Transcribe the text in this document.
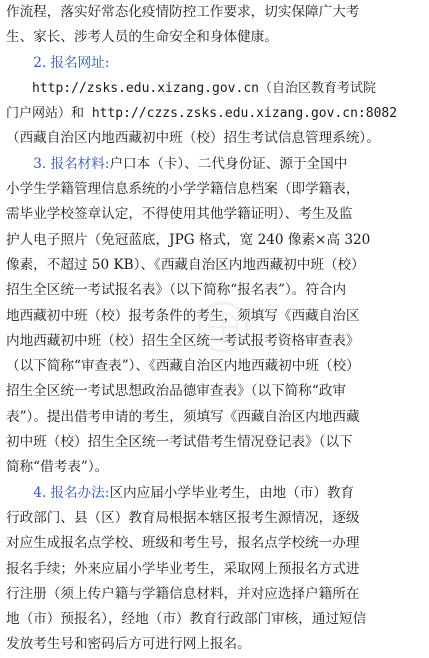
作流程，落实好常态化疫情防控工作要求，切实保障广大考
生、家长、涉考人员的生命安全和身体健康。
2. 报名网址:
http://zsks.edu.xizang.gov.cn（自治区教育考试院
门户网站）和 http://czzs.zsks.edu.xizang.gov.cn:8082
（西藏自治区内地西藏初中班（校）招生考试信息管理系统）。
3. 报名材料:户口本（卡）、二代身份证、源于全国中
小学生学籍管理信息系统的小学学籍信息档案（即学籍表，
需毕业学校签章认定，不得使用其他学籍证明）、考生及监
护人电子照片（免冠蓝底，JPG 格式，宽 240 像素×高 320
像素，不超过 50 KB）、《西藏自治区内地西藏初中班（校）
招生全区统一考试报名表》（以下简称“报名表”）。符合内
地西藏初中班（校）报考条件的考生，须填写《西藏自治区
内地西藏初中班（校）招生全区统一考试报考资格审查表》
（以下简称“审查表”）、《西藏自治区内地西藏初中班（校）
招生全区统一考试思想政治品德审查表》（以下简称“政审
表”）。提出借考申请的考生，须填写《西藏自治区内地西藏
初中班（校）招生全区统一考试借考生情况登记表》（以下
简称“借考表”）。
4. 报名办法:区内应届小学毕业考生，由地（市）教育
行政部门、县（区）教育局根据本辖区报考生源情况，逐级
对应生成报名点学校、班级和考生号，报名点学校统一办理
报名手续；外来应届小学毕业考生，采取网上预报名方式进
行注册（须上传户籍与学籍信息材料，并对应选择户籍所在
地（市）预报名），经地（市）教育行政部门审核，通过短信
发放考生号和密码后方可进行网上报名。
